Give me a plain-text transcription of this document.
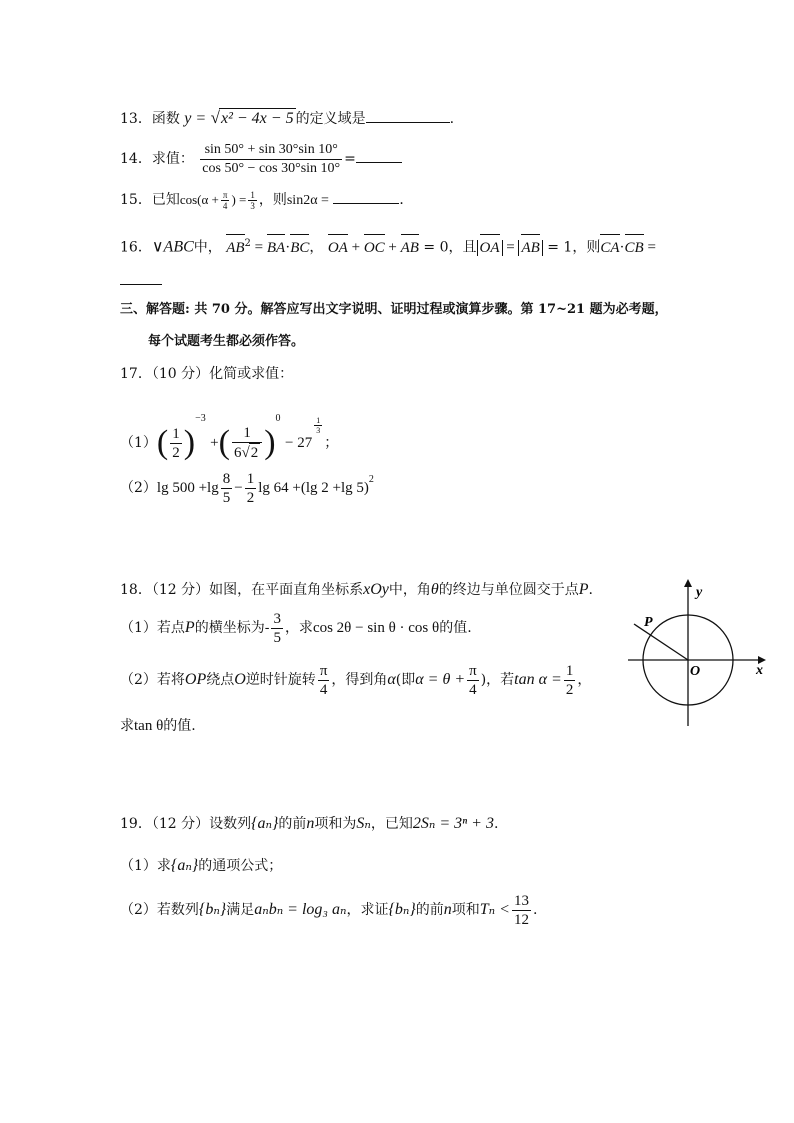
13．函数 y = √x² − 4x − 5 的定义域是	.
14．求值： $\frac{\sin 50^\circ + \sin 30^\circ\sin 10^\circ}{\cos 50^\circ - \cos 30^\circ\sin 10^\circ}$ =
15．已知$\cos(\alpha + \frac{\pi}{4}$ ) = $\frac{1}{3}$ ，则sin2α =	．
16．∨ABC中， $AB^2 = BA\cdot BC$， OA + OC + AB = 0，且 OA = AB = 1，则CA·CB =
三、解答题: 共 70 分。解答应写出文字说明、证明过程或演算步骤。第 17~21 题为必考题，
每个试题考生都必须作答。
17．（10 分）化简或求值：
$(1)( \frac{1}{2} )^{-3}$ +( $\frac{1}{6√2} )^0 - 27$
$\frac{1}{3}$
；
（2）lg $500 +\lg \frac{8}{5} - \frac{1}{2}$ lg 64 +(lg 2 +lg 5)$^2$
18．（12 分）如图，在平面直角坐标系xOy中，角θ的终边与单位圆交于点P.
（1）若点P的横坐标为- $\frac{3}{5}$ ，求cos 2θ − sin θ · cos θ的值.
（2）若将OP绕点O逆时针旋转 $\frac{\pi}{4}$ ，得到角α(即$\alpha = \theta + \frac{\pi}{4}$ )，若$\tan \alpha = \frac{1}{2}$ ，
求tan θ的值.
y
x
O
P
19．（12 分）设数列{aₙ}的前n项和为Sₙ，已知2Sₙ = 3ⁿ + 3.
（1）求{aₙ}的通项公式；
（2）若数列{bₙ}满足aₙbₙ = log₃ aₙ，求证{bₙ}的前n项和$T_n < \frac{13}{12}$ .
